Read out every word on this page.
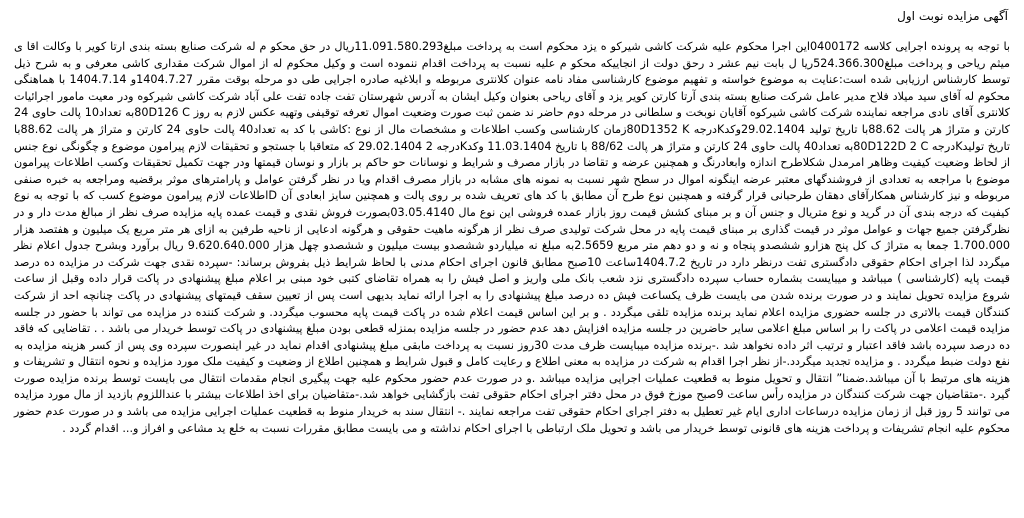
آگهی مزایده نوبت اول

با توجه به پرونده اجرایی کلاسه 0400172این اجرا محکوم علیه شرکت کاشی شیرکو ه یزد محکوم است به پرداخت مبلغ11.091.580.293ریال در حق محکو م له شرکت صنایع بسته بندی ارتا کویر با وکالت اقا ی میثم ریاحی و پرداخت مبلغ524.366.300ریا ل بابت نیم عشر د رحق دولت از انجاییکه محکو م علیه نسبت به پرداخت اقدام ننموده است و وکیل محکوم له از اموال شرکت مقداری کاشی معرفی و به شرح ذیل توسط کارشناس ارزیابی شده است:عنایت به موضوع خواسته و تفهیم موضوع کارشناسی مفاد نامه عنوان کلانتری مربوطه و ابلاغیه صادره اجرایی طی دو مرحله بوقت مقرر 1404.7.27و 1404.7.14 با هماهنگی محکوم له آقای سید میلاد فلاح مدیر عامل شرکت صنایع بسته بندی آرتا کارتن کویر یزد و آقای ریاحی بعنوان وکیل ایشان به آدرس شهرستان تفت جاده تفت علی آباد شرکت کاشی شیرکوه ودر معیت مامور اجرائیات کلانتری آقای نادی مراجعه نماینده شرکت کاشی شیرکوه آقایان نوبخت و سلطانی در مرحله دوم حاضر ند ضمن ثبت صورت وضعیت اموال تعرفه توقیفی وتهیه عکس لازم به روز 80D126 Cبه تعداد10 پالت حاوی 24 کارتن و متراژ هر پالت 88.62با تاریخ تولید 29.02.1404وکدKدرجه 80D1352 Kزمان کارشناسی وکسب اطلاعات و مشخصات مال از نوع :کاشی با کد به تعداد40 پالت حاوی 24 کارتن و متراژ هر پالت 88.62با تاریخ تولیدKدرجه 80D122D 2 Cبه تعداد40 پالت حاوی 24 کارتن و متراژ هر پالت 88/62 با تاریخ 11.03.1404 وکدKدرجه 2 29.02.1404 که متعاقبا با جستجو و تحقیقات لازم پیرامون موضوع و چگونگی نوع جنس از لحاظ وضعیت کیفیت وظاهر امرمدل شکلاطرح اندازه وابعادرنگ و همچنین عرضه و تقاضا در بازار مصرف و شرایط و نوسانات حو حاکم بر بازار و نوسان قیمتها ودر جهت تکمیل تحقیقات وکسب اطلاعات پیرامون موضوع با مراجعه به تعدادی از فروشندگهای معتبر عرضه اینگونه اموال در سطح شهر نسبت به نمونه های مشابه در بازار مصرف اقدام ویا در نظر گرفتن عوامل و پارامترهای موثر برقضیه ومراجعه به خبره صنفی مربوطه و نیز کارشناس همکارآقای دهقان طرحبانی قرار گرفته و همچنین نوع طرح آن مطابق با کد های تعریف شده بر روی پالت و همچنین سایز ابعادی آن Dاطلاعات لازم پیرامون موضوع کسب که با توجه به نوع کیفیت که درجه بندی آن در گرید و نوع متریال و جنس آن و بر مبنای کشش قیمت روز بازار عمده فروشی این نوع مال 03.05.4140بصورت فروش نقدی و قیمت عمده پایه مزایده صرف نظر از مبالغ مدت دار و در نظرگرفتن جمیع جهات و عوامل موثر در قیمت گذاری بر مبنای قیمت پایه در محل شرکت تولیدی صرف نظر از هرگونه ماهیت حقوقی و هرگونه ادعایی از ناحیه طرفین به ازای هر متر مربع یک میلیون و هفتصد هزار 1.700.000 جمعا به متراژ ک کل پنج هزارو ششصدو پنجاه و نه و دو دهم متر مربع 2.5659به مبلغ نه میلیاردو ششصدو بیست میلیون و ششصدو چهل هزار 9.620.640.000 ریال برآورد وبشرح جدول اعلام نظر میگردد لذا اجرای احکام حقوقی دادگستری تفت درنظر دارد در تاریخ 1404.7.2ساعت 10صبح مطابق قانون اجرای احکام مدنی با لحاظ شرایط ذیل بفروش برساند: -سپرده نقدی جهت شرکت در مزایده ده درصد قیمت پایه (کارشناسی ) میباشد و میبایست بشماره حساب سپرده دادگستری نزد شعب بانک ملی واریز و اصل فیش را به همراه تقاضای کتبی خود مبنی بر اعلام مبلغ پیشنهادی در پاکت قرار داده وقبل از ساعت شروع مزایده تحویل نمایند و در صورت برنده شدن می بایست ظرف یکساعت فیش ده درصد مبلغ پیشنهادی را به اجرا ارائه نماید بدیهی است پس از تعیین سقف قیمتهای پیشنهادی در پاکت چنانچه احد از شرکت کنندگان قیمت بالاتری در جلسه حضوری مزایده اعلام نماید برنده مزایده تلقی میگردد . و بر این اساس قیمت اعلام شده در پاکت قیمت پایه محسوب میگردد. و شرکت کننده در مزایده می تواند با حضور در جلسه مزایده قیمت اعلامی در پاکت را بر اساس مبلغ اعلامی سایر حاضرین در جلسه مزایده افزایش دهد عدم حضور در جلسه مزایده بمنزله قطعی بودن مبلغ پیشنهادی در پاکت توسط خریدار می باشد . . تقاضایی که فاقد ده درصد سپرده باشد فاقد اعتبار و ترتیب اثر داده نخواهد شد .-برنده مزایده میبایست ظرف مدت 30روز نسبت به پرداخت مابقی مبلغ پیشنهادی اقدام نماید در غیر اینصورت سپرده وی پس از کسر هزینه مزایده به نفع دولت ضبط میگردد . و مزایده تجدید میگردد.-از نظر اجرا اقدام به شرکت در مزایده به معنی اطلاع و رعایت کامل و قبول شرایط و همچنین اطلاع از وضعیت و کیفیت ملک مورد مزایده و نحوه انتقال و تشریفات و هزینه های مرتبط با آن میباشد.ضمنا” انتقال و تحویل منوط به قطعیت عملیات اجرایی مزایده میباشد .و در صورت عدم حضور محکوم علیه جهت پیگیری انجام مقدمات انتقال می بایست توسط برنده مزایده صورت گیرد .-متقاضیان جهت شرکت کنندگان در مزایده رأس ساعت 9صبح موزخ فوق در محل دفتر اجرای احکام حقوقی تفت بازگشایی خواهد شد.-متقاضیان برای اخذ اطلاعات بیشتر با عنداللزوم بازدید از مال مورد مزایده می توانند 5 روز قبل از زمان مزایده درساعات اداری ایام غیر تعطیل به دفتر اجرای احکام حقوقی تفت مراجعه نمایند .- انتقال سند به خریدار منوط به قطعیت عملیات اجرایی مزایده می باشد و در صورت عدم حضور محکوم علیه انجام تشریفات و پرداخت هزینه های قانونی توسط خریدار می باشد و تحویل ملک ارتباطی با اجرای احکام نداشته و می بایست مطابق مقررات نسبت به خلع ید مشاعی و افراز و... اقدام گردد .
